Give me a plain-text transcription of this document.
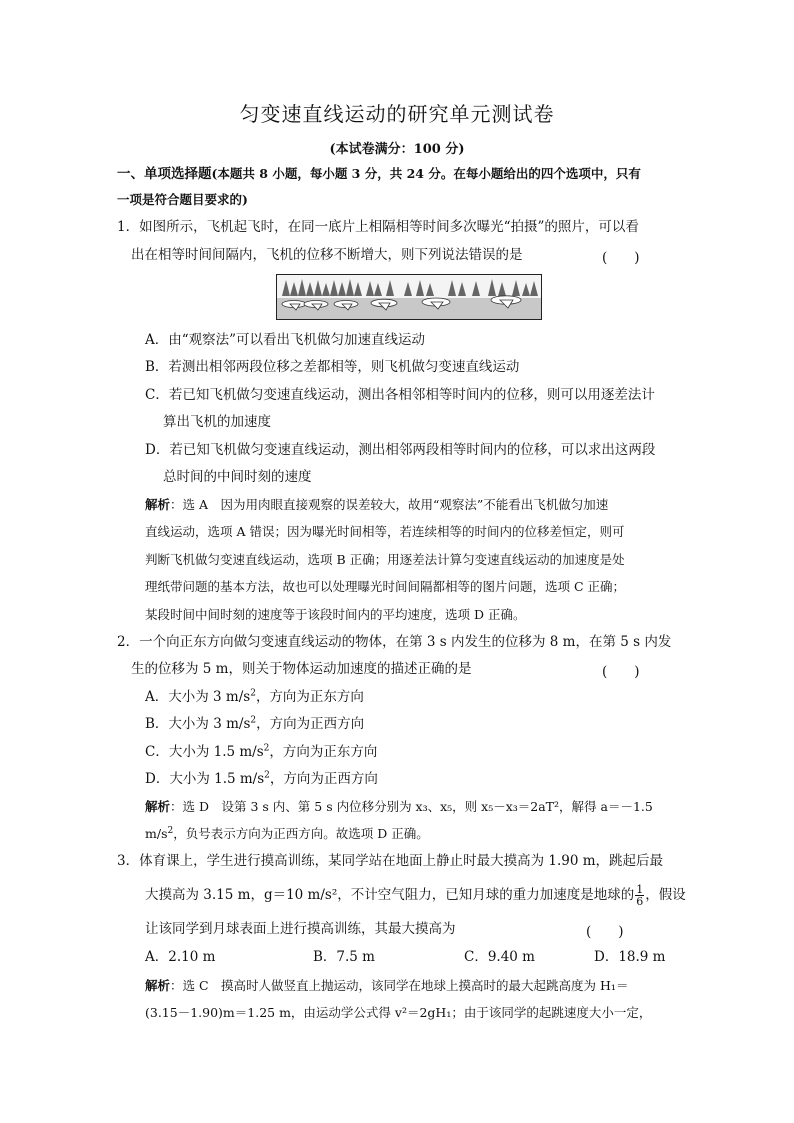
匀变速直线运动的研究单元测试卷
(本试卷满分：100 分)
一、单项选择题(本题共 8 小题，每小题 3 分，共 24 分。在每小题给出的四个选项中，只有
一项是符合题目要求的)
1．如图所示，飞机起飞时，在同一底片上相隔相等时间多次曝光“拍摄”的照片，可以看
出在相等时间间隔内，飞机的位移不断增大，则下列说法错误的是	(　　)
A．由“观察法”可以看出飞机做匀加速直线运动
B．若测出相邻两段位移之差都相等，则飞机做匀变速直线运动
C．若已知飞机做匀变速直线运动，测出各相邻相等时间内的位移，则可以用逐差法计
算出飞机的加速度
D．若已知飞机做匀变速直线运动，测出相邻两段相等时间内的位移，可以求出这两段
总时间的中间时刻的速度
解析：选 A　因为用肉眼直接观察的误差较大，故用“观察法”不能看出飞机做匀加速
直线运动，选项 A 错误；因为曝光时间相等，若连续相等的时间内的位移差恒定，则可
判断飞机做匀变速直线运动，选项 B 正确；用逐差法计算匀变速直线运动的加速度是处
理纸带问题的基本方法，故也可以处理曝光时间间隔都相等的图片问题，选项 C 正确；
某段时间中间时刻的速度等于该段时间内的平均速度，选项 D 正确。
2．一个向正东方向做匀变速直线运动的物体，在第 3 s 内发生的位移为 8 m，在第 5 s 内发
生的位移为 5 m，则关于物体运动加速度的描述正确的是	(　　)
A．大小为 3 $m/s^2$，方向为正东方向
B．大小为 3 $m/s^2$，方向为正西方向
C．大小为 1.5 $m/s^2$，方向为正东方向
D．大小为 1.5 $m/s^2$，方向为正西方向
解析：选 D　设第 3 s 内、第 5 s 内位移分别为 x₃、x₅，则 x₅－x₃＝2aT²，解得 a＝－1.5
$m/s^2$，负号表示方向为正西方向。故选项 D 正确。
3．体育课上，学生进行摸高训练，某同学站在地面上静止时最大摸高为 1.90 m，跳起后最
大摸高为 3.15 m，g＝10 m/s²，不计空气阻力，已知月球的重力加速度是地球的 $\frac{1}{6}$ ，假设
让该同学到月球表面上进行摸高训练，其最大摸高为	(　　)
A．2.10 m	B．7.5 m	C．9.40 m	D．18.9 m
解析：选 C　摸高时人做竖直上抛运动，该同学在地球上摸高时的最大起跳高度为 H₁＝
(3.15－1.90)m＝1.25 m，由运动学公式得 v²＝2gH₁；由于该同学的起跳速度大小一定，
